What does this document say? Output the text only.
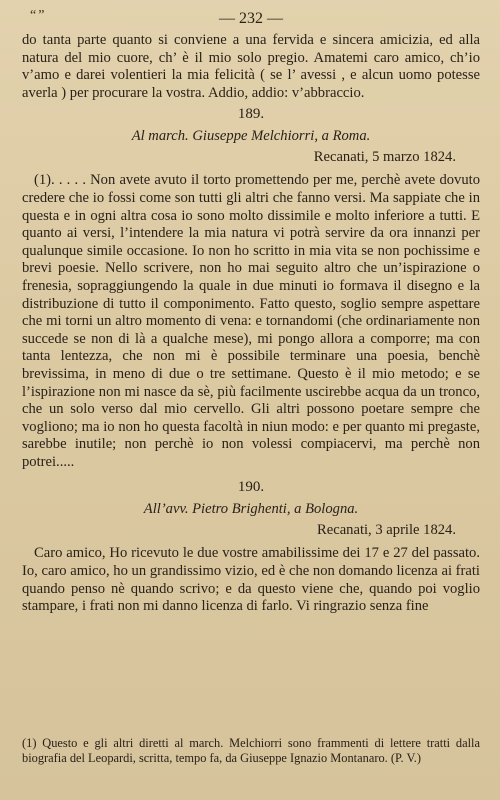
“”	— 232 —

do tanta parte quanto si conviene a una fervida e sincera amicizia, ed alla natura del mio cuore, ch’ è il mio solo pregio. Amatemi caro amico, ch’io v’amo e darei volentieri la mia felicità ( se l’ avessi , e alcun uomo potesse averla ) per procurare la vostra. Addio, addio: v’abbraccio.

189.
Al march. Giuseppe Melchiorri, a Roma.
Recanati, 5 marzo 1824.

(1). . . . . Non avete avuto il torto promettendo per me, perchè avete dovuto credere che io fossi come son tutti gli altri che fanno versi. Ma sappiate che in questa e in ogni altra cosa io sono molto dissimile e molto inferiore a tutti. E quanto ai versi, l’intendere la mia natura vi potrà servire da ora innanzi per qualunque simile occasione. Io non ho scritto in mia vita se non pochissime e brevi poesie. Nello scrivere, non ho mai seguito altro che un’ispirazione o frenesia, sopraggiungendo la quale in due minuti io formava il disegno e la distribuzione di tutto il componimento. Fatto questo, soglio sempre aspettare che mi torni un altro momento di vena: e tornandomi (che ordinariamente non succede se non di là a qualche mese), mi pongo allora a comporre; ma con tanta lentezza, che non mi è possibile terminare una poesia, benchè brevissima, in meno di due o tre settimane. Questo è il mio metodo; e se l’ispirazione non mi nasce da sè, più facilmente uscirebbe acqua da un tronco, che un solo verso dal mio cervello. Gli altri possono poetare sempre che vogliono; ma io non ho questa facoltà in niun modo: e per quanto mi pregaste, sarebbe inutile; non perchè io non volessi compiacervi, ma perchè non potrei.....

190.
All’avv. Pietro Brighenti, a Bologna.
Recanati, 3 aprile 1824.

Caro amico, Ho ricevuto le due vostre amabilissime dei 17 e 27 del passato. Io, caro amico, ho un grandissimo vizio, ed è che non domando licenza ai frati quando penso nè quando scrivo; e da questo viene che, quando poi voglio stampare, i frati non mi danno licenza di farlo. Vi ringrazio senza fine

(1) Questo e gli altri diretti al march. Melchiorri sono frammenti di lettere tratti dalla biografia del Leopardi, scritta, tempo fa, da Giuseppe Ignazio Montanaro. (P. V.)
